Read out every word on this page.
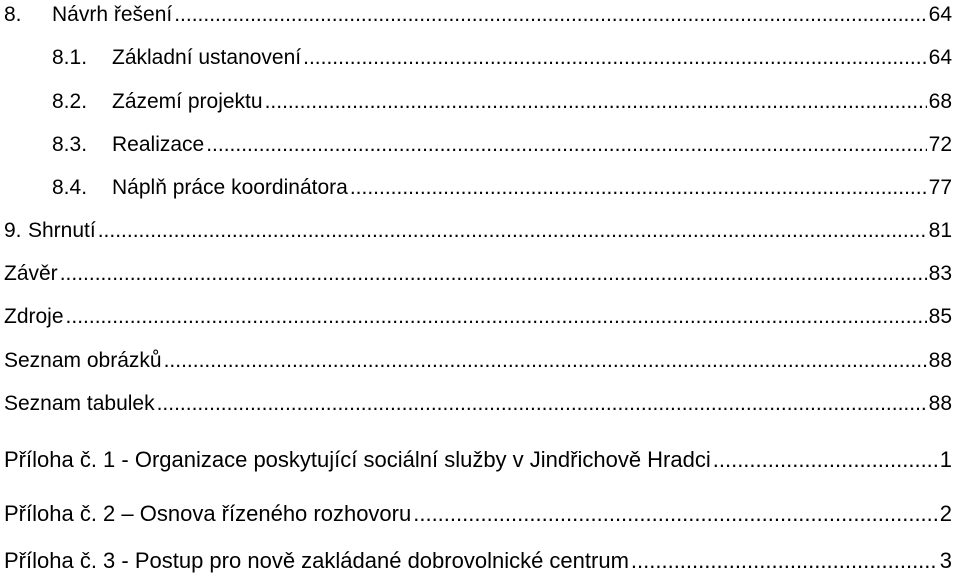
8.	Návrh řešení .....	64
8.1.	Základní ustanovení .....	64
8.2.	Zázemí projektu .....	68
8.3.	Realizace .....	72
8.4.	Náplň práce koordinátora .....	77
9. Shrnutí .....	81
Závěr .....	83
Zdroje .....	85
Seznam obrázků .....	88
Seznam tabulek .....	88
Příloha č. 1 - Organizace poskytující sociální služby v Jindřichově Hradci .....	1
Příloha č. 2 – Osnova řízeného rozhovoru .....	2
Příloha č. 3 - Postup pro nově zakládané dobrovolnické centrum .....	3
